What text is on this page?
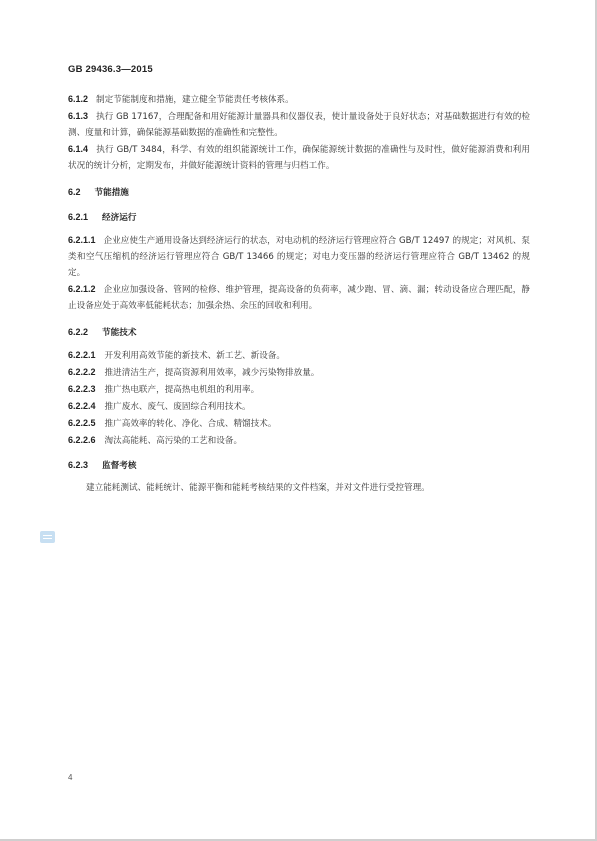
GB 29436.3—2015

6.1.2 制定节能制度和措施，建立健全节能责任考核体系。

6.1.3 执行 GB 17167，合理配备和用好能源计量器具和仪器仪表，使计量设备处于良好状态；对基础数据进行有效的检测、度量和计算，确保能源基础数据的准确性和完整性。

6.1.4 执行 GB/T 3484，科学、有效的组织能源统计工作，确保能源统计数据的准确性与及时性，做好能源消费和利用状况的统计分析，定期发布，并做好能源统计资料的管理与归档工作。

6.2 节能措施
6.2.1 经济运行

6.2.1.1 企业应使生产通用设备达到经济运行的状态，对电动机的经济运行管理应符合 GB/T 12497 的规定；对风机、泵类和空气压缩机的经济运行管理应符合 GB/T 13466 的规定；对电力变压器的经济运行管理应符合 GB/T 13462 的规定。

6.2.1.2 企业应加强设备、管网的检修、维护管理，提高设备的负荷率，减少跑、冒、滴、漏；转动设备应合理匹配，静止设备应处于高效率低能耗状态；加强余热、余压的回收和利用。

6.2.2 节能技术

6.2.2.1 开发利用高效节能的新技术、新工艺、新设备。

6.2.2.2 推进清洁生产，提高资源利用效率，减少污染物排放量。

6.2.2.3 推广热电联产，提高热电机组的利用率。

6.2.2.4 推广废水、废气、废固综合利用技术。

6.2.2.5 推广高效率的转化、净化、合成、精馏技术。

6.2.2.6 淘汰高能耗、高污染的工艺和设备。

6.2.3 监督考核

建立能耗测试、能耗统计、能源平衡和能耗考核结果的文件档案，并对文件进行受控管理。

4
